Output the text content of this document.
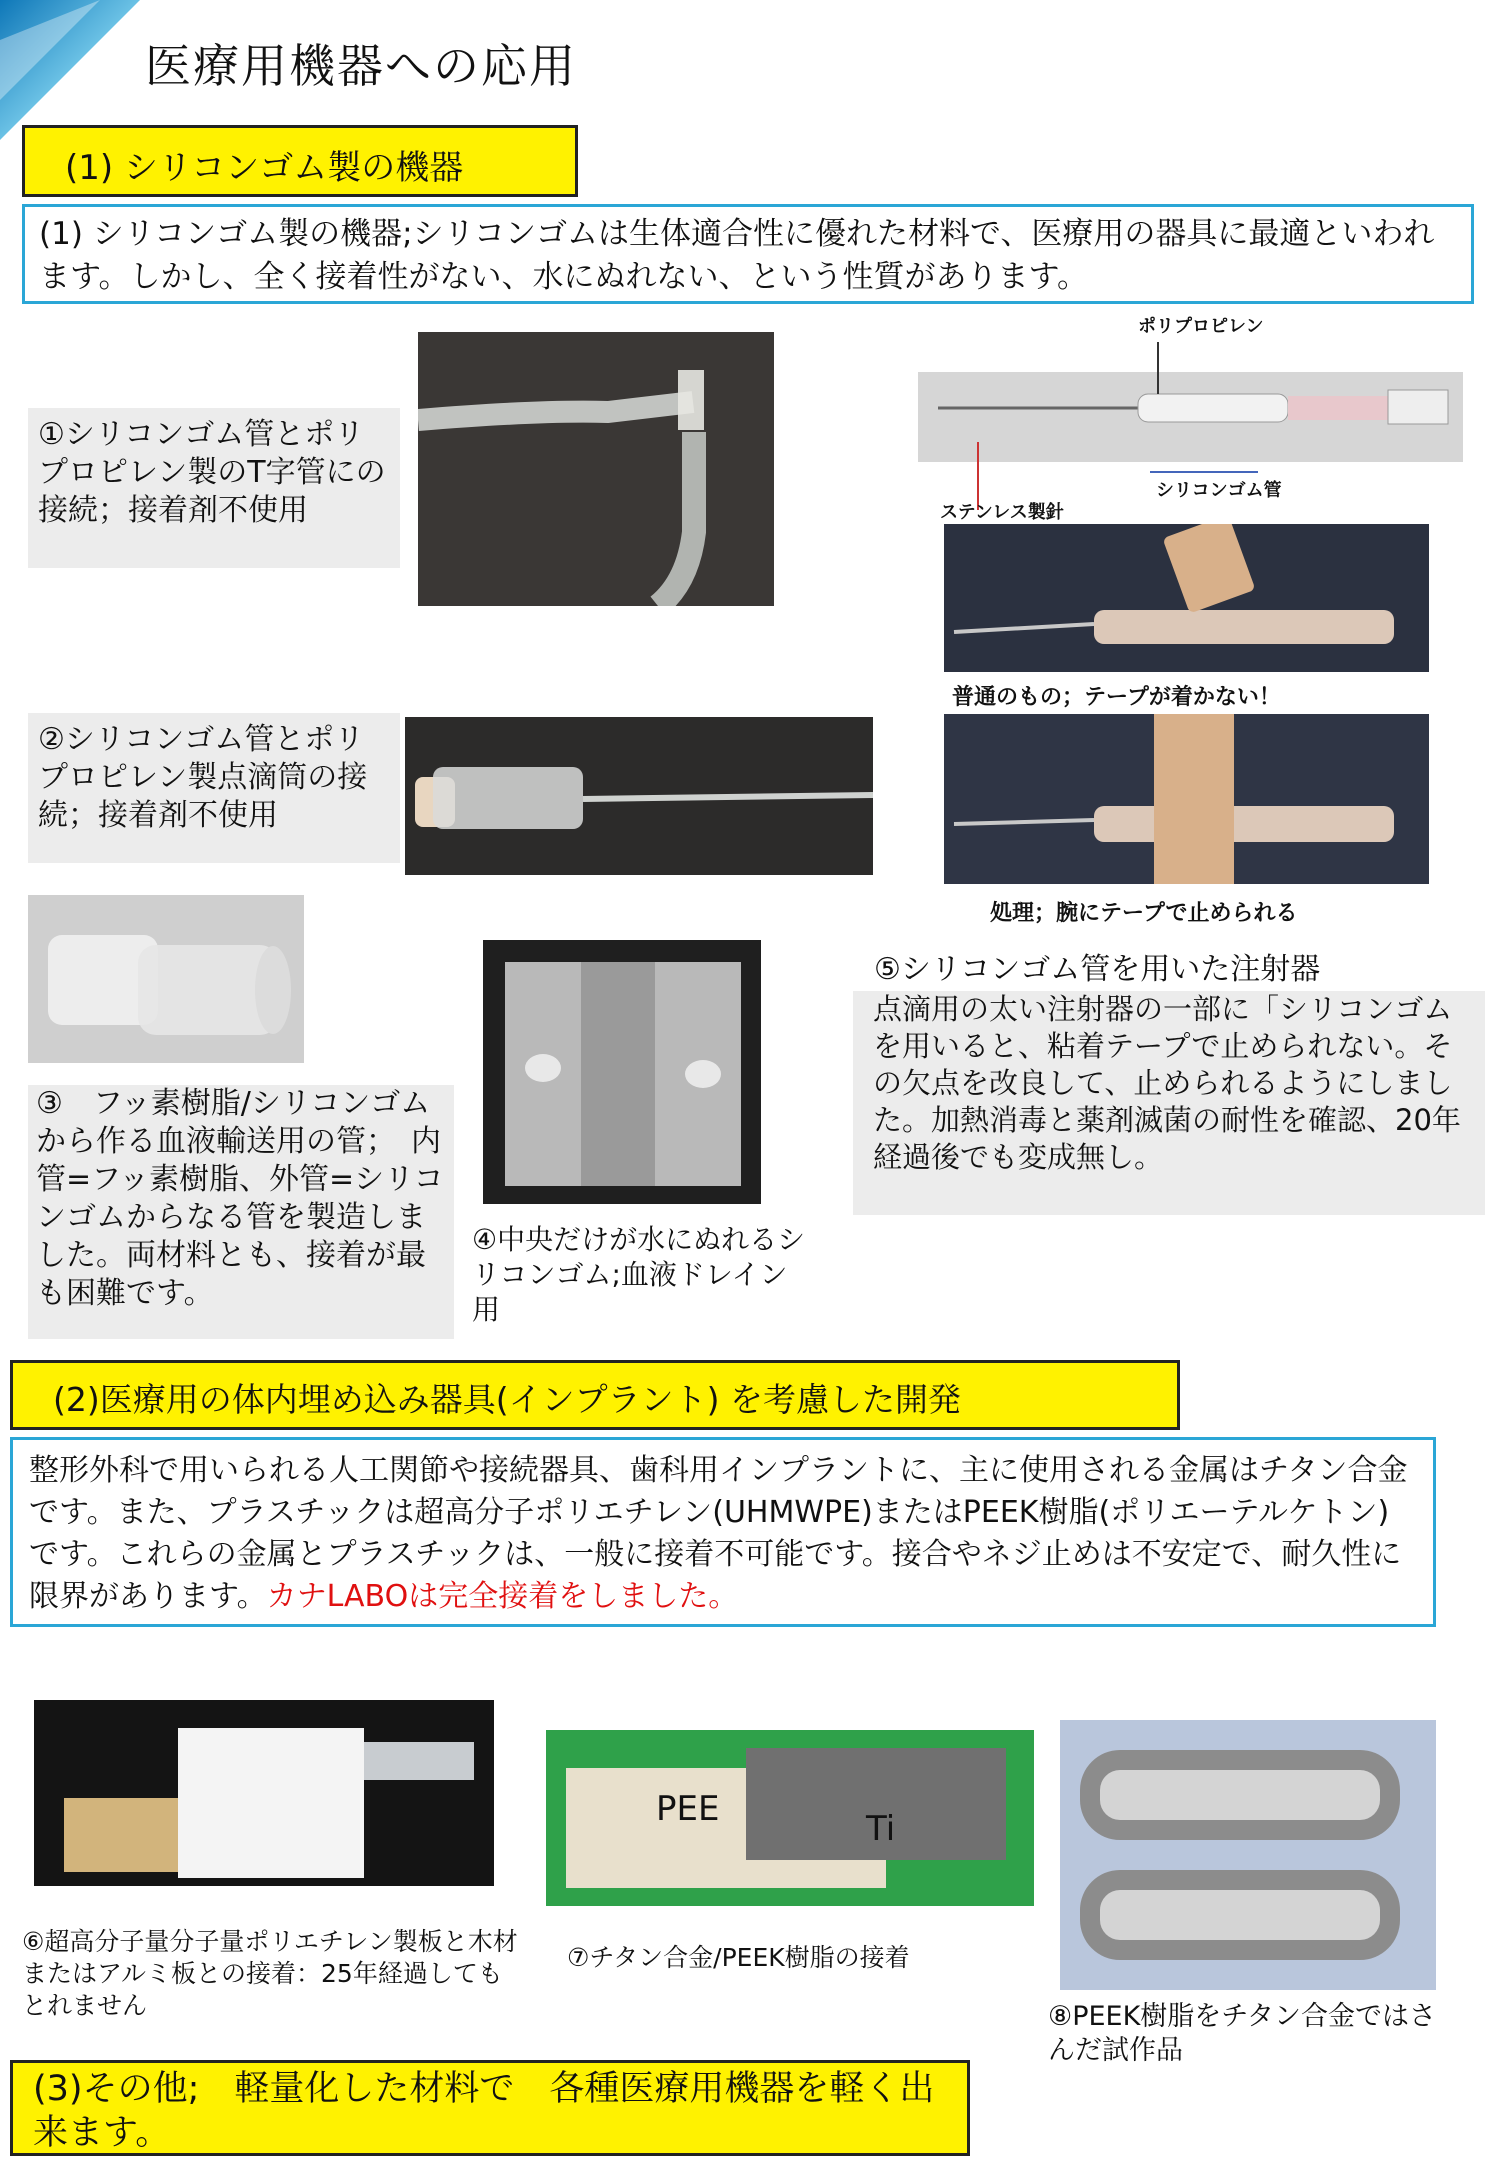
医療用機器への応用
(1) シリコンゴム製の機器
(1) シリコンゴム製の機器;シリコンゴムは生体適合性に優れた材料で、医療用の器具に最適といわれます。しかし、全く接着性がない、水にぬれない、という性質があります。
①シリコンゴム管とポリプロピレン製のT字管にの接続；接着剤不使用
②シリコンゴム管とポリプロピレン製点滴筒の接続；接着剤不使用
③　フッ素樹脂/シリコンゴムから作る血液輸送用の管；　内管=フッ素樹脂、外管=シリコンゴムからなる管を製造しました。両材料とも、接着が最も困難です。
④中央だけが水にぬれるシリコンゴム;血液ドレイン用
ポリプロピレン
シリコンゴム管
ステンレス製針
普通のもの；テープが着かない！
処理；腕にテープで止められる
⑤シリコンゴム管を用いた注射器
点滴用の太い注射器の一部に「シリコンゴムを用いると、粘着テープで止められない。その欠点を改良して、止められるようにしました。加熱消毒と薬剤滅菌の耐性を確認、20年経過後でも変成無し。
(2)医療用の体内埋め込み器具(インプラント) を考慮した開発
整形外科で用いられる人工関節や接続器具、歯科用インプラントに、主に使用される金属はチタン合金です。また、プラスチックは超高分子ポリエチレン(UHMWPE)またはPEEK樹脂(ポリエーテルケトン)です。これらの金属とプラスチックは、一般に接着不可能です。接合やネジ止めは不安定で、耐久性に限界があります。カナLABOは完全接着をしました。
⑥超高分子量分子量ポリエチレン製板と木材またはアルミ板との接着：25年経過してもとれません
PEE	Ti
⑦チタン合金/PEEK樹脂の接着
⑧PEEK樹脂をチタン合金ではさんだ試作品
(3)その他;　軽量化した材料で　各種医療用機器を軽く出来ます。
